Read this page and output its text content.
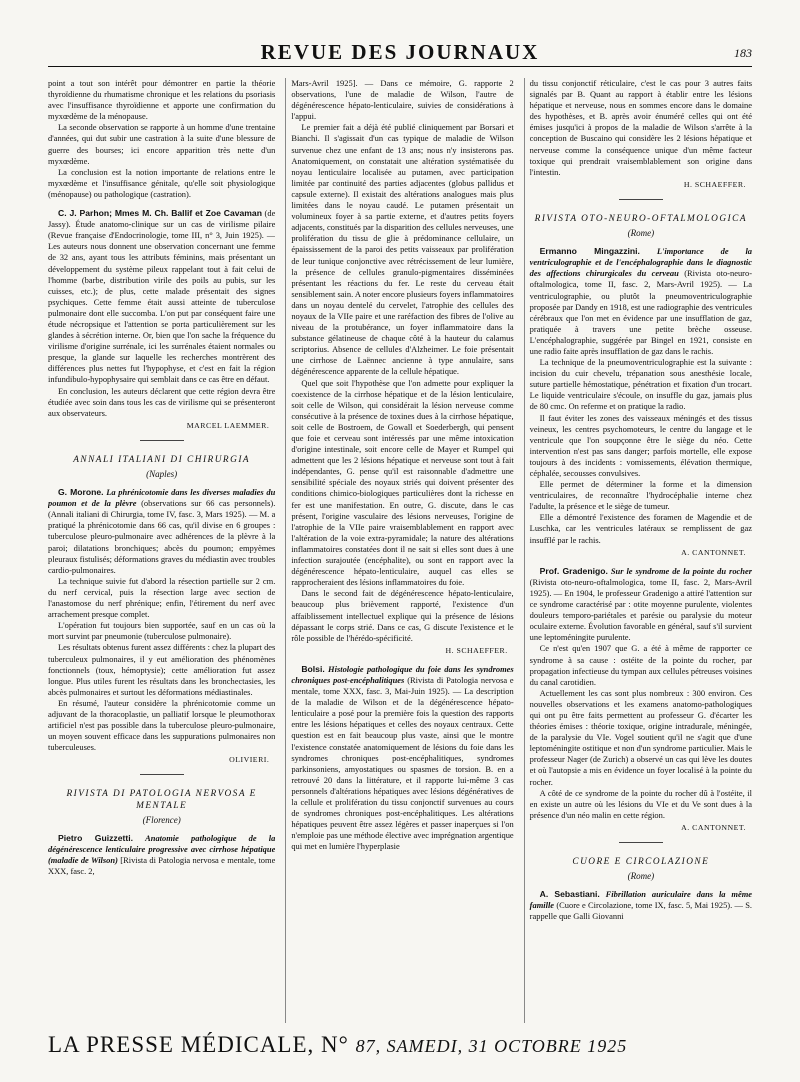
REVUE DES JOURNAUX	183

point a tout son intérêt pour démontrer en partie la théorie thyroïdienne du rhumatisme chronique et les relations du psoriasis avec l'insuffisance thyroïdienne et apporte une confirmation du myxœdème de la ménopause.

La seconde observation se rapporte à un homme d'une trentaine d'années, qui dut subir une castration à la suite d'une blessure de guerre des bourses; ici encore apparition très nette d'un myxœdème.

La conclusion est la notion importante de relations entre le myxœdème et l'insuffisance génitale, qu'elle soit physiologique (ménopause) ou pathologique (castration).

C. J. Parhon; Mmes M. Ch. Ballif et Zoe Cavaman (de Jassy). Étude anatomo-clinique sur un cas de virilisme pilaire (Revue française d'Endocrinologie, tome III, n° 3, Juin 1925). — Les auteurs nous donnent une observation concernant une femme de 32 ans, ayant tous les attributs féminins, mais présentant un développement du système pileux rappelant tout à fait celui de l'homme (barbe, distribution virile des poils au pubis, sur les cuisses, etc.); de plus, cette malade présentait des signes psychiques. Cette femme était aussi atteinte de tuberculose pulmonaire dont elle succomba. L'on put par conséquent faire une étude nécropsique et l'attention se porta particulièrement sur les glandes à sécrétion interne. Or, bien que l'on sache la fréquence du virilisme d'origine surrénale, ici les surrénales étaient normales ou presque, la glande sur laquelle les recherches montrèrent des différences plus nettes fut l'hypophyse, et c'est en fait la région infundibulo-hypophysaire qui semblait dans ce cas être en défaut.

En conclusion, les auteurs déclarent que cette région devra être étudiée avec soin dans tous les cas de virilisme qui se présenteront aux observateurs.

MARCEL LAEMMER.
ANNALI ITALIANI DI CHIRURGIA
(Naples)

G. Morone. La phrénicotomie dans les diverses maladies du poumon et de la plèvre (observations sur 66 cas personnels). (Annali italiani di Chirurgia, tome IV, fasc. 3, Mars 1925). — M. a pratiqué la phrénicotomie dans 66 cas, qu'il divise en 6 groupes : tuberculose pleuro-pulmonaire avec adhérences de la plèvre à la paroi; dilatations bronchiques; abcès du poumon; empyèmes pleuraux fistulisés; déformations graves du médiastin avec troubles cardio-pulmonaires.

La technique suivie fut d'abord la résection partielle sur 2 cm. du nerf cervical, puis la résection large avec section de l'anastomose du nerf phrénique; enfin, l'étirement du nerf avec arrachement presque complet.

L'opération fut toujours bien supportée, sauf en un cas où la mort survint par pneumonie (tuberculose pulmonaire).

Les résultats obtenus furent assez différents : chez la plupart des tuberculeux pulmonaires, il y eut amélioration des phénomènes fonctionnels (toux, hémoptysie); cette amélioration fut assez longue. Plus utiles furent les résultats dans les bronchectasies, les abcès pulmonaires et surtout les déformations médiastinales.

En résumé, l'auteur considère la phrénicotomie comme un adjuvant de la thoracoplastie, un palliatif lorsque le pleumothorax artificiel n'est pas possible dans la tuberculose pleuro-pulmonaire, un moyen souvent efficace dans les suppurations pulmonaires non tuberculeuses.

OLIVIERI.
RIVISTA DI PATOLOGIA NERVOSA E MENTALE
(Florence)

Pietro Guizzetti. Anatomie pathologique de la dégénérescence lenticulaire progressive avec cirrhose hépatique (maladie de Wilson) [Rivista di Patologia nervosa e mentale, tome XXX, fasc. 2,

Mars-Avril 1925]. — Dans ce mémoire, G. rapporte 2 observations, l'une de maladie de Wilson, l'autre de dégénérescence hépato-lenticulaire, suivies de considérations à l'appui.

Le premier fait a déjà été publié cliniquement par Borsari et Bianchi. Il s'agissait d'un cas typique de maladie de Wilson survenue chez une enfant de 13 ans; nous n'y insisterons pas. Anatomiquement, on constatait une altération systématisée du noyau lenticulaire localisée au putamen, avec participation limitée par continuité des parties adjacentes (globus pallidus et capsule externe). Il existait des altérations analogues mais plus limitées dans le noyau caudé. Le putamen présentait un volumineux foyer à sa partie externe, et d'autres petits foyers adjacents, constitués par la disparition des cellules nerveuses, une prolifération du tissu de glie à prédominance cellulaire, un épaississement de la paroi des petits vaisseaux par prolifération de leur tunique conjonctive avec rétrécissement de leur lumière, la présence de cellules granulo-pigmentaires disséminées présentant les réactions du fer. Le reste du cerveau était sensiblement sain. A noter encore plusieurs foyers inflammatoires dans un noyau dentelé du cervelet, l'atrophie des cellules des noyaux de la VIIe paire et une raréfaction des fibres de l'olive au niveau de la protubérance, un foyer inflammatoire dans la substance gélatineuse de chaque côté à la hauteur du calamus scriptorius. Absence de cellules d'Alzheimer. Le foie présentait une cirrhose de Laënnec ancienne à type annulaire, sans dégénérescence apparente de la cellule hépatique.

Quel que soit l'hypothèse que l'on admette pour expliquer la coexistence de la cirrhose hépatique et de la lésion lenticulaire, soit celle de Wilson, qui considérait la lésion nerveuse comme consécutive à la présence de toxines dues à la cirrhose hépatique, soit celle de Bostroem, de Gowall et Soederbergh, qui pensent que foie et cerveau sont intéressés par une même intoxication d'origine intestinale, soit encore celle de Mayer et Rumpel qui admettent que les 2 lésions hépatique et nerveuse sont tout à fait indépendantes, G. pense qu'il est raisonnable d'admettre une sensibilité spéciale des noyaux striés qui doivent présenter des conditions chimico-biologiques particulières dont la richesse en fer est une manifestation. En outre, G. discute, dans le cas présent, l'origine vasculaire des lésions nerveuses, l'origine de l'atrophie de la VIIe paire vraisemblablement en rapport avec l'altération de la voie extra-pyramidale; la nature des altérations inflammatoires constatées dont il ne sait si elles sont dues à une infection surajoutée (encéphalite), ou sont en rapport avec la dégénérescence hépato-lenticulaire, auquel cas elles se rapprocheraient des lésions inflammatoires du foie.

Dans le second fait de dégénérescence hépato-lenticulaire, beaucoup plus brièvement rapporté, l'existence d'un affaiblissement intellectuel explique qui la présence de lésions dépassant le corps strié. Dans ce cas, G discute l'existence et le rôle possible de l'hérédo-spécificité.

H. SCHAEFFER.

Bolsi. Histologie pathologique du foie dans les syndromes chroniques post-encéphalitiques (Rivista di Patologia nervosa e mentale, tome XXX, fasc. 3, Mai-Juin 1925). — La description de la maladie de Wilson et de la dégénérescence hépato-lenticulaire a posé pour la première fois la question des rapports entre les lésions hépatiques et celles des noyaux centraux. Cette question est en fait beaucoup plus vaste, ainsi que le montre l'existence constatée anatomiquement de lésions du foie dans les syndromes chroniques post-encéphalitiques, syndromes parkinsoniens, amyostatiques ou spasmes de torsion. B. en a retrouvé 20 dans la littérature, et il rapporte lui-même 3 cas personnels d'altérations hépatiques avec lésions dégénératives de la cellule et prolifération du tissu conjonctif survenues au cours de syndromes chroniques post-encéphalitiques. Les altérations hépatiques peuvent être assez légères et passer inaperçues si l'on n'emploie pas une méthode élective avec imprégnation argentique qui met en lumière l'hyperplasie

du tissu conjonctif réticulaire, c'est le cas pour 3 autres faits signalés par B. Quant au rapport à établir entre les lésions hépatique et nerveuse, nous en sommes encore dans le domaine des hypothèses, et B. après avoir énuméré celles qui ont été émises jusqu'ici à propos de la maladie de Wilson s'arrête à la conception de Buscaino qui considère les 2 lésions hépatique et nerveuse comme la conséquence unique d'un même facteur toxique qui prendrait vraisemblablement son origine dans l'intestin.

H. SCHAEFFER.
RIVISTA OTO-NEURO-OFTALMOLOGICA
(Rome)

Ermanno Mingazzini. L'importance de la ventriculographie et de l'encéphalographie dans le diagnostic des affections chirurgicales du cerveau (Rivista oto-neuro-oftalmologica, tome II, fasc. 2, Mars-Avril 1925). — La ventriculographie, ou plutôt la pneumoventriculographie proposée par Dandy en 1918, est une radiographie des ventricules cérébraux que l'on met en évidence par une insufflation de gaz, pratiquée à travers une petite brèche osseuse. L'encéphalographie, suggérée par Bingel en 1921, consiste en une radio faite après insufflation de gaz dans le rachis.

La technique de la pneumoventriculographie est la suivante : incision du cuir chevelu, trépanation sous anesthésie locale, suture partielle hémostatique, pénétration et fixation d'un trocart. Le liquide ventriculaire s'écoule, on insuffle du gaz, jamais plus de 80 cmc. On referme et on pratique la radio.

Il faut éviter les zones des vaisseaux méningés et des tissus veineux, les centres psychomoteurs, le centre du langage et le ventricule que l'on soupçonne être le siège du néo. Cette intervention n'est pas sans danger; parfois mortelle, elle expose toujours à des incidents : vomissements, élévation thermique, céphalée, secousses convulsives.

Elle permet de déterminer la forme et la dimension ventriculaires, de reconnaître l'hydrocéphalie interne chez l'adulte, la présence et le siège de tumeur.

Elle a démontré l'existence des foramen de Magendie et de Luschka, car les ventricules latéraux se remplissent de gaz insufflé par le rachis.

A. CANTONNET.

Prof. Gradenigo. Sur le syndrome de la pointe du rocher (Rivista oto-neuro-oftalmologica, tome II, fasc. 2, Mars-Avril 1925). — En 1904, le professeur Gradenigo a attiré l'attention sur ce syndrome caractérisé par : otite moyenne purulente, violentes douleurs temporo-pariétales et parésie ou paralysie du moteur oculaire externe. Évolution favorable en général, sauf s'il survient une leptoméningite purulente.

Ce n'est qu'en 1907 que G. a été à même de rapporter ce syndrome à sa cause : ostéite de la pointe du rocher, par propagation infectieuse du tympan aux cellules pétreuses voisines du canal carotidien.

Actuellement les cas sont plus nombreux : 300 environ. Ces nouvelles observations et les examens anatomo-pathologiques qui ont pu être faits permettent au professeur G. d'écarter les théories émises : théorie toxique, origine intradurale, méningée, de la paralysie du VIe. Vogel soutient qu'il ne s'agit que d'une leptoméningite ostitique et non d'un syndrome particulier. Mais le professeur Nager (de Zurich) a observé un cas qui lève les doutes et où l'autopsie a mis en évidence un foyer localisé à la pointe du rocher.

A côté de ce syndrome de la pointe du rocher dû à l'ostéite, il en existe un autre où les lésions du VIe et du Ve sont dues à la présence d'un néo malin en cette région.

A. CANTONNET.
CUORE E CIRCOLAZIONE
(Rome)

A. Sebastiani. Fibrillation auriculaire dans la même famille (Cuore e Circolazione, tome IX, fasc. 5, Mai 1925). — S. rappelle que Galli Giovanni

LA PRESSE MÉDICALE, N° 87, SAMEDI, 31 OCTOBRE 1925
